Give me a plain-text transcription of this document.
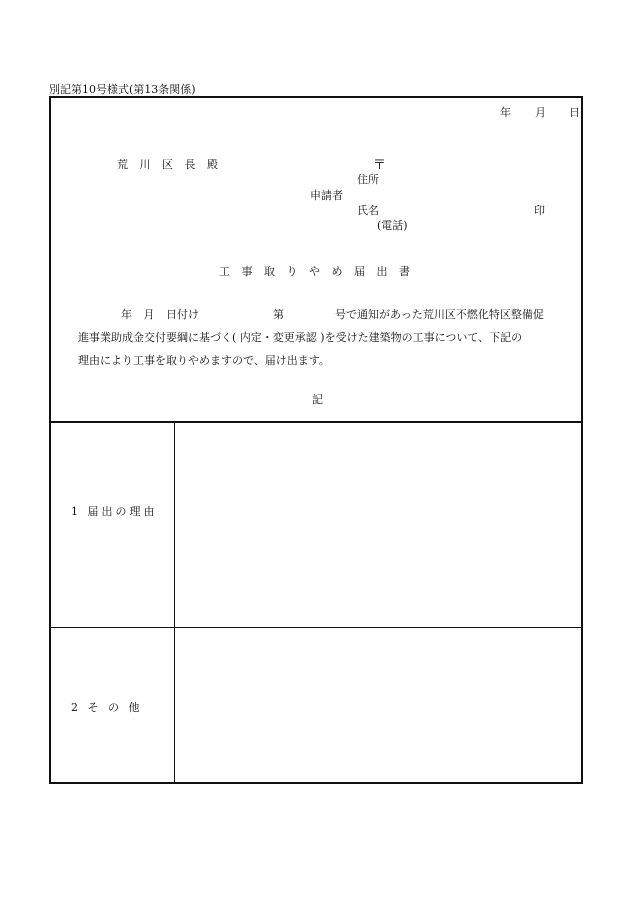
別記第10号様式(第13条関係)
年 月 日
荒 川 区 長 殿	〒
住所
申請者
氏名	印
(電話)
工 事 取 り や め 届 出 書
年 月 日付け	第	号で通知があった荒川区不燃化特区整備促
進事業助成金交付要綱に基づく( 内定・変更承認 )を受けた建築物の工事について、下記の
理由により工事を取りやめますので、届け出ます。
記
1 届出の理由
2 そ の 他
